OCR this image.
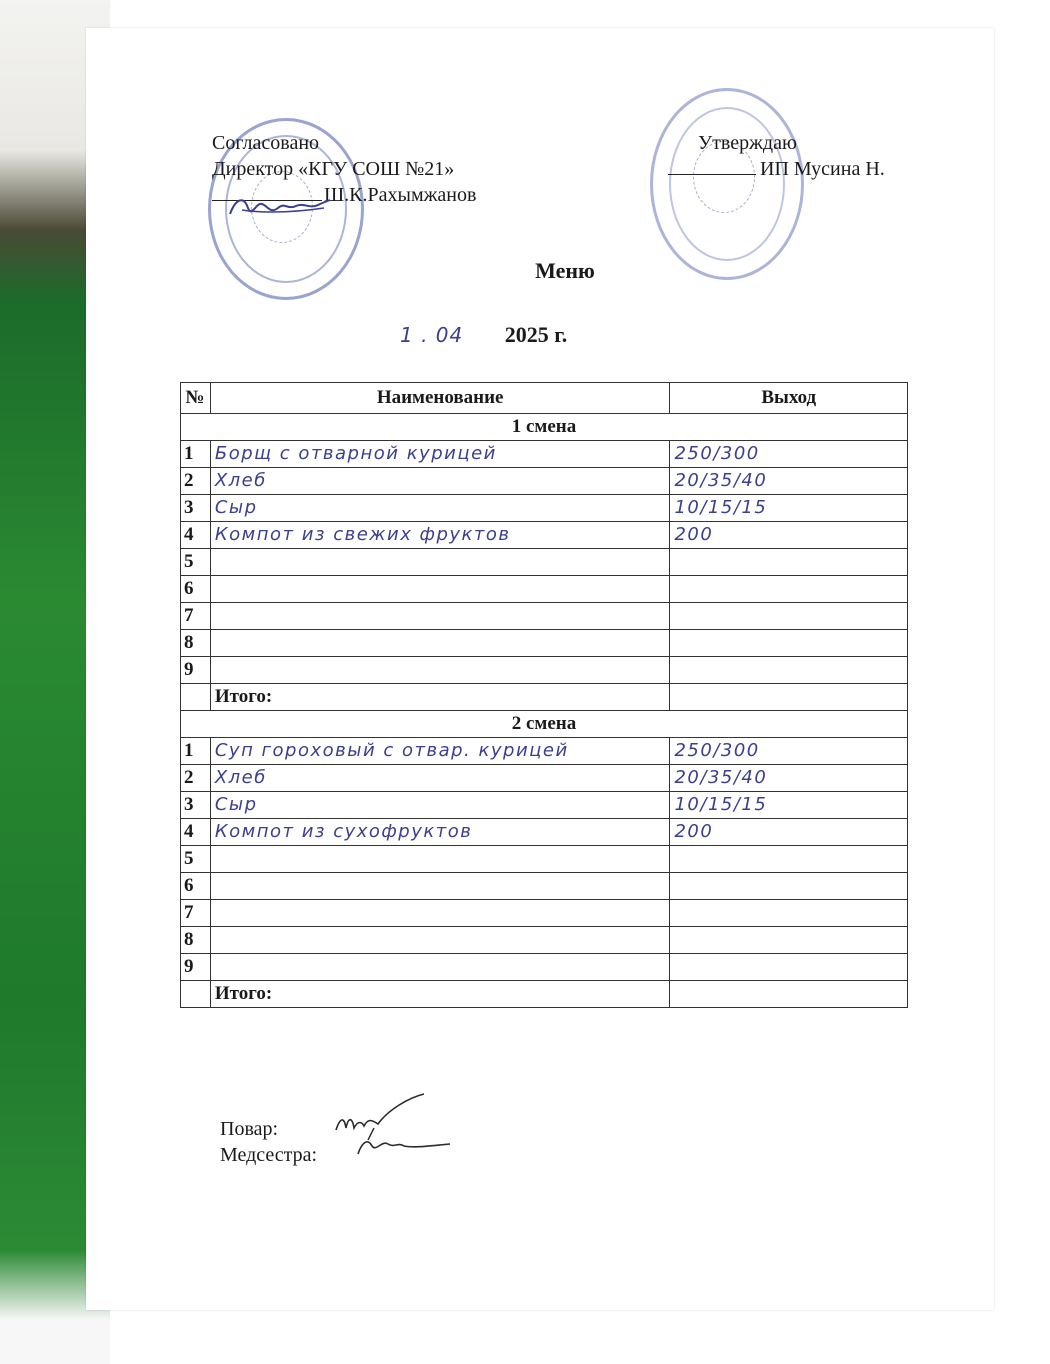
Согласовано
Директор «КГУ СОШ №21»
Ш.К.Рахымжанов
Утверждаю
ИП Мусина Н.
Меню
1 . 04 2025 г.
№	Наименование	Выход
1 смена		
1	Борщ с отварной курицей	250/300
2	Хлеб	20/35/40
3	Сыр	10/15/15
4	Компот из свежих фруктов	200
5		
6		
7		
8		
9		
	Итого:	
2 смена		
1	Суп гороховый с отвар. курицей	250/300
2	Хлеб	20/35/40
3	Сыр	10/15/15
4	Компот из сухофруктов	200
5		
6		
7		
8		
9		
	Итого:	
Повар:
Медсестра:
